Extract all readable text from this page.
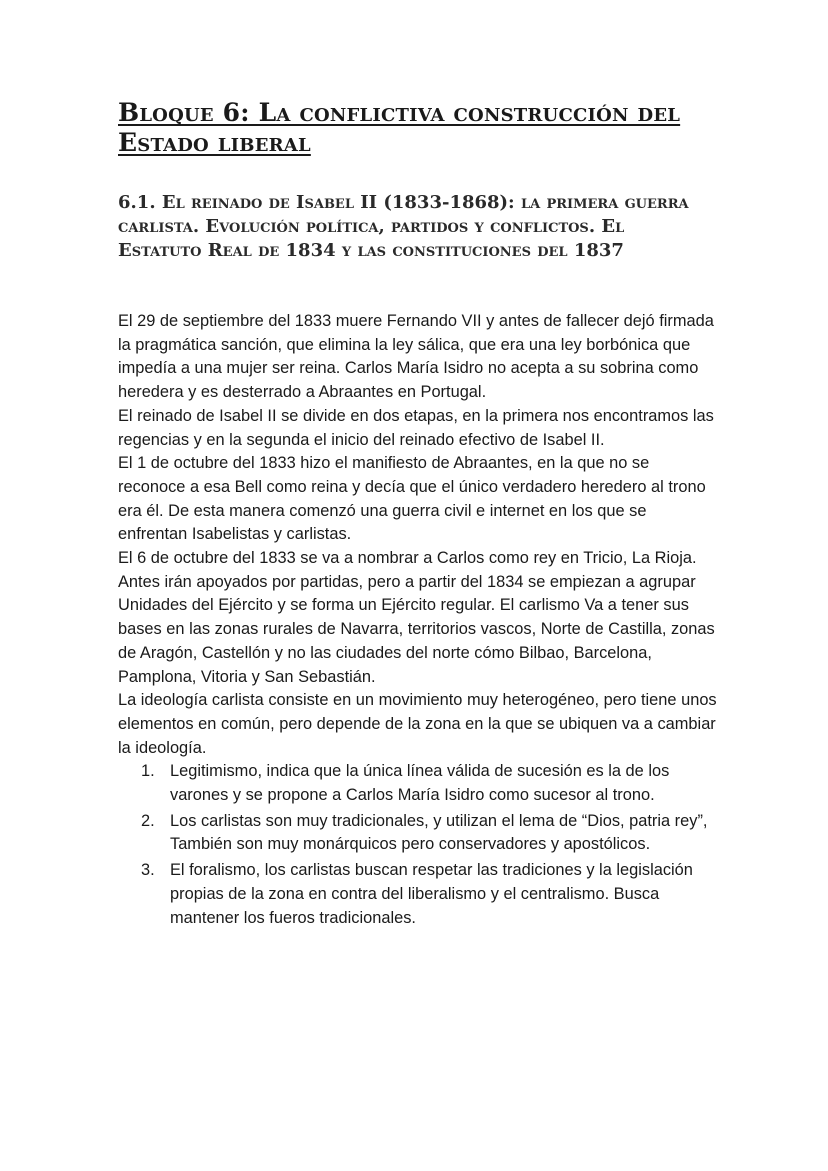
Bloque 6: La conflictiva construcción del Estado liberal
6.1. El reinado de Isabel II (1833-1868): la primera guerra carlista. Evolución política, partidos y conflictos. El Estatuto Real de 1834 y las constituciones del 1837

El 29 de septiembre del 1833 muere Fernando VII y antes de fallecer dejó firmada la pragmática sanción, que elimina la ley sálica, que era una ley borbónica que impedía a una mujer ser reina. Carlos María Isidro no acepta a su sobrina como heredera y es desterrado a Abraantes en Portugal.

El reinado de Isabel II se divide en dos etapas, en la primera nos encontramos las regencias y en la segunda el inicio del reinado efectivo de Isabel II.

El 1 de octubre del 1833 hizo el manifiesto de Abraantes, en la que no se reconoce a esa Bell como reina y decía que el único verdadero heredero al trono era él. De esta manera comenzó una guerra civil e internet en los que se enfrentan Isabelistas y carlistas.

El 6 de octubre del 1833 se va a nombrar a Carlos como rey en Tricio, La Rioja. Antes irán apoyados por partidas, pero a partir del 1834 se empiezan a agrupar Unidades del Ejército y se forma un Ejército regular. El carlismo Va a tener sus bases en las zonas rurales de Navarra, territorios vascos, Norte de Castilla, zonas de Aragón, Castellón y no las ciudades del norte cómo Bilbao, Barcelona, Pamplona, Vitoria y San Sebastián.

La ideología carlista consiste en un movimiento muy heterogéneo, pero tiene unos elementos en común, pero depende de la zona en la que se ubiquen va a cambiar la ideología.

1. Legitimismo, indica que la única línea válida de sucesión es la de los varones y se propone a Carlos María Isidro como sucesor al trono.
2. Los carlistas son muy tradicionales, y utilizan el lema de “Dios, patria rey”, También son muy monárquicos pero conservadores y apostólicos.
3. El foralismo, los carlistas buscan respetar las tradiciones y la legislación propias de la zona en contra del liberalismo y el centralismo. Busca mantener los fueros tradicionales.
